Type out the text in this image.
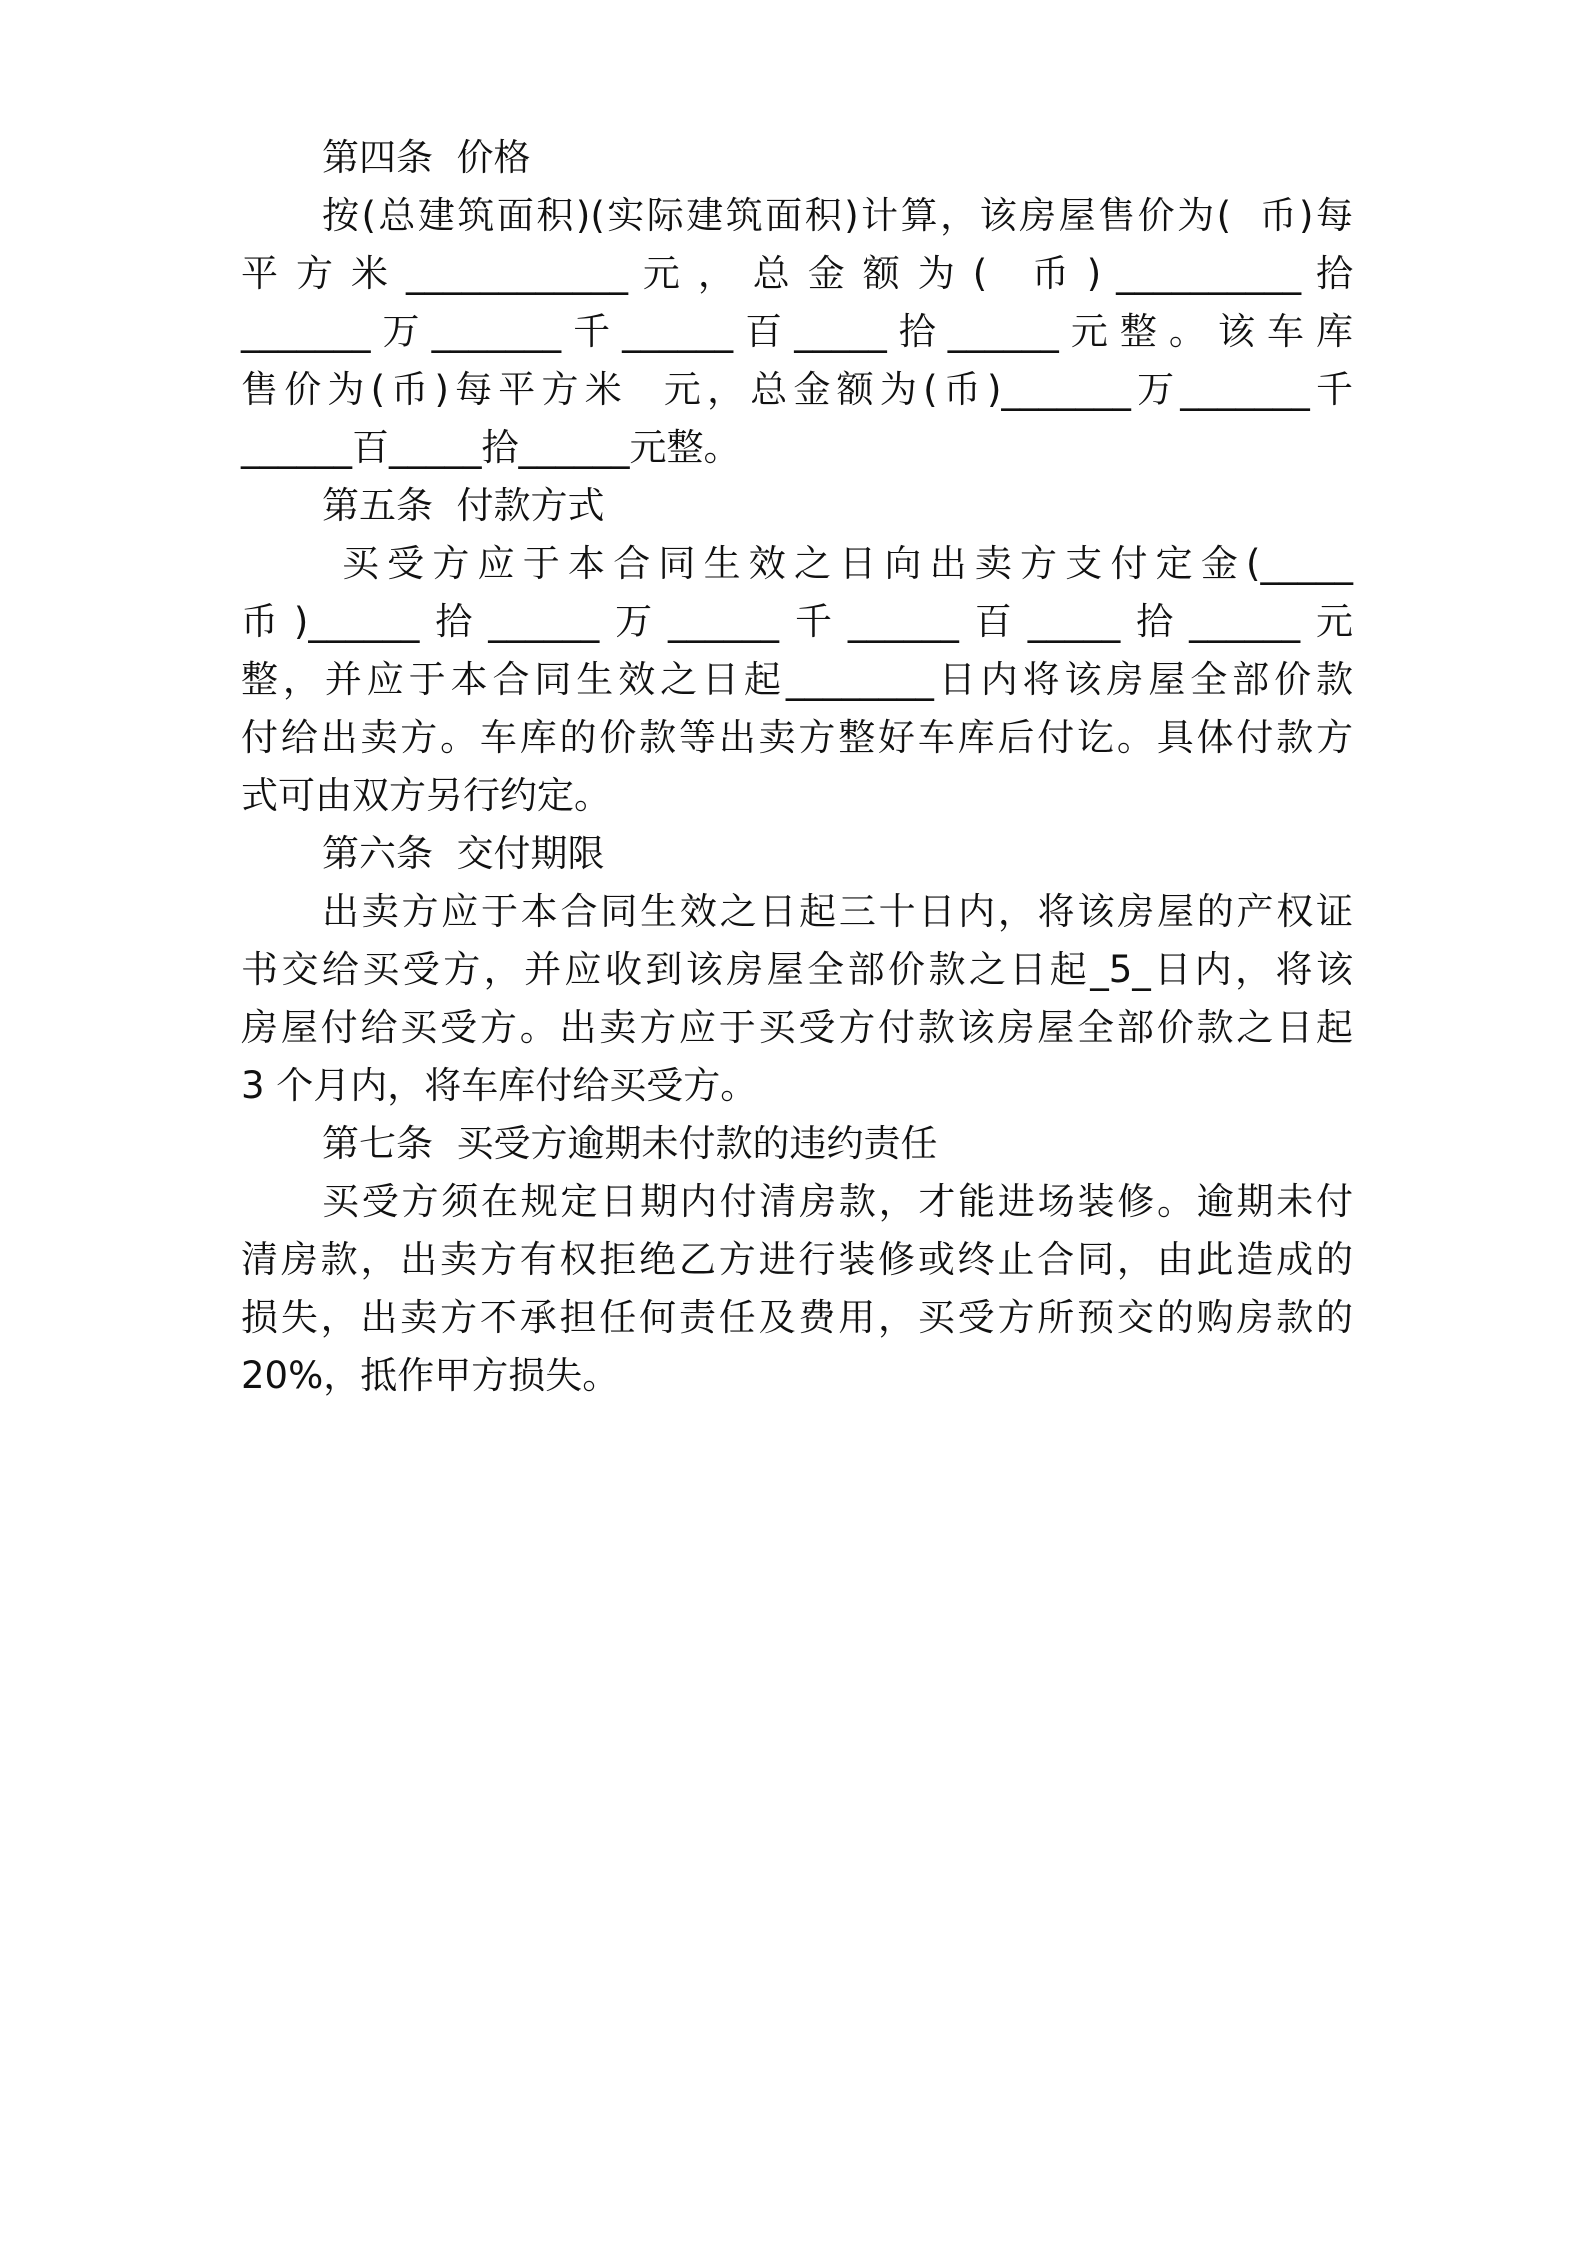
第四条  价格
按(总建筑面积)(实际建筑面积)计算，该房屋售价为(  币)每
平 方 米 ____________ 元 ， 总 金 额 为 (   币 ) __________ 拾
_______万_______千______百_____拾______元整。该车库
售价为(币)每平方米  元，总金额为(币)_______万_______千
______百_____拾______元整。
第五条  付款方式
买受方应于本合同生效之日向出卖方支付定金(_____
币)______拾______万______千______百_____拾______元
整，并应于本合同生效之日起________日内将该房屋全部价款
付给出卖方。车库的价款等出卖方整好车库后付讫。具体付款方
式可由双方另行约定。
第六条  交付期限
出卖方应于本合同生效之日起三十日内，将该房屋的产权证
书交给买受方，并应收到该房屋全部价款之日起_5_日内，将该
房屋付给买受方。出卖方应于买受方付款该房屋全部价款之日起
3 个月内，将车库付给买受方。
第七条  买受方逾期未付款的违约责任
买受方须在规定日期内付清房款，才能进场装修。逾期未付
清房款，出卖方有权拒绝乙方进行装修或终止合同，由此造成的
损失，出卖方不承担任何责任及费用，买受方所预交的购房款的
20%，抵作甲方损失。
